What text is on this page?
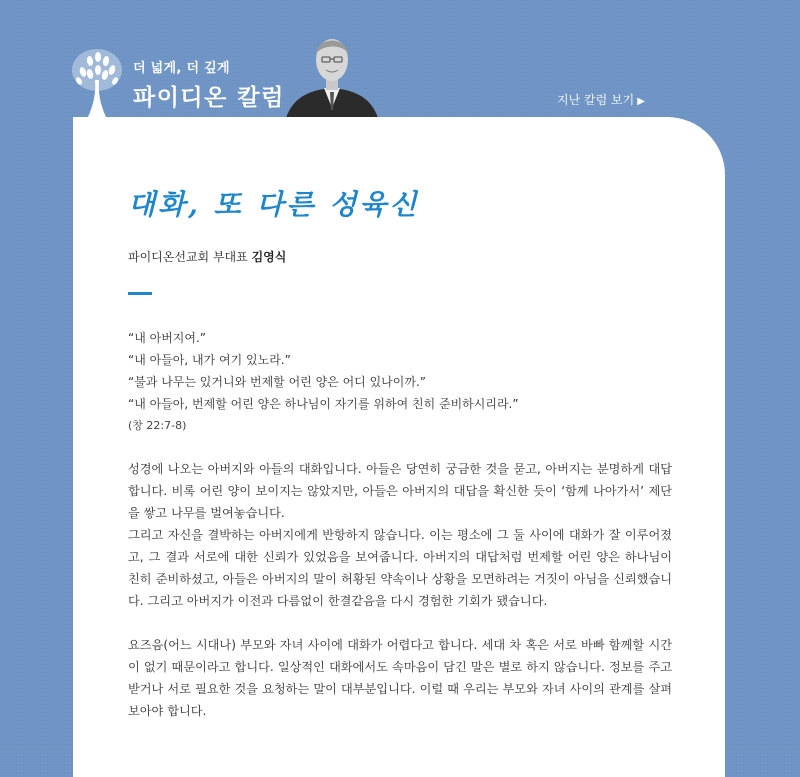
더 넓게, 더 깊게
파이디온 칼럼	지난 칼럼 보기 ▶
대화, 또 다른 성육신
파이디온선교회 부대표 김영식
“내 아버지여.”
“내 아들아, 내가 여기 있노라.”
“불과 나무는 있거니와 번제할 어린 양은 어디 있나이까.”
“내 아들아, 번제할 어린 양은 하나님이 자기를 위하여 친히 준비하시리라.”
(창 22:7-8)

성경에 나오는 아버지와 아들의 대화입니다. 아들은 당연히 궁금한 것을 묻고, 아버지는 분명하게 대답합니다. 비록 어린 양이 보이지는 않았지만, 아들은 아버지의 대답을 확신한 듯이 ‘함께 나아가서’ 제단을 쌓고 나무를 벌여놓습니다.

그리고 자신을 결박하는 아버지에게 반항하지 않습니다. 이는 평소에 그 둘 사이에 대화가 잘 이루어졌고, 그 결과 서로에 대한 신뢰가 있었음을 보여줍니다. 아버지의 대답처럼 번제할 어린 양은 하나님이 친히 준비하셨고, 아들은 아버지의 말이 허황된 약속이나 상황을 모면하려는 거짓이 아님을 신뢰했습니다. 그리고 아버지가 이전과 다름없이 한결같음을 다시 경험한 기회가 됐습니다.

요즈음(어느 시대나) 부모와 자녀 사이에 대화가 어렵다고 합니다. 세대 차 혹은 서로 바빠 함께할 시간이 없기 때문이라고 합니다. 일상적인 대화에서도 속마음이 담긴 말은 별로 하지 않습니다. 정보를 주고받거나 서로 필요한 것을 요청하는 말이 대부분입니다. 이럴 때 우리는 부모와 자녀 사이의 관계를 살펴보아야 합니다.
